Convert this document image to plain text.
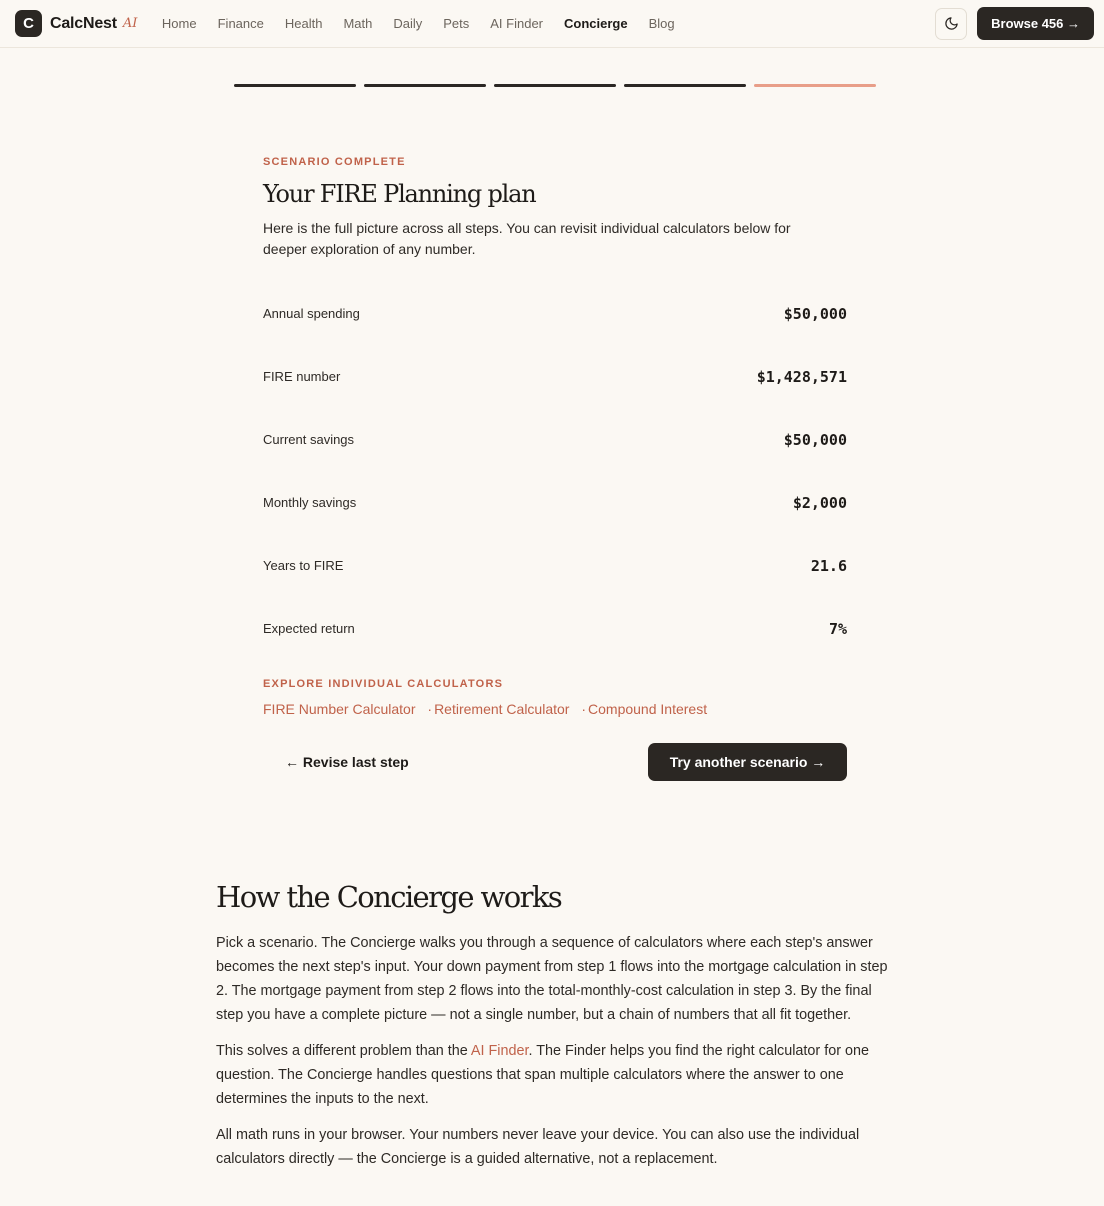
C	CalcNest AI Home Finance Health Math Daily Pets AI Finder Concierge Blog	Browse 456 →
SCENARIO COMPLETE
Your FIRE Planning plan

Here is the full picture across all steps. You can revisit individual calculators below for deeper exploration of any number.

Annual spending	$50,000
FIRE number	$1,428,571
Current savings	$50,000
Monthly savings	$2,000
Years to FIRE	21.6
Expected return	7%
EXPLORE INDIVIDUAL CALCULATORS
FIRE Number Calculator · Retirement Calculator · Compound Interest
← Revise last step	Try another scenario →
How the Concierge works

Pick a scenario. The Concierge walks you through a sequence of calculators where each step's answer becomes the next step's input. Your down payment from step 1 flows into the mortgage calculation in step 2. The mortgage payment from step 2 flows into the total-monthly-cost calculation in step 3. By the final step you have a complete picture — not a single number, but a chain of numbers that all fit together.

This solves a different problem than the AI Finder. The Finder helps you find the right calculator for one question. The Concierge handles questions that span multiple calculators where the answer to one determines the inputs to the next.

All math runs in your browser. Your numbers never leave your device. You can also use the individual calculators directly — the Concierge is a guided alternative, not a replacement.
